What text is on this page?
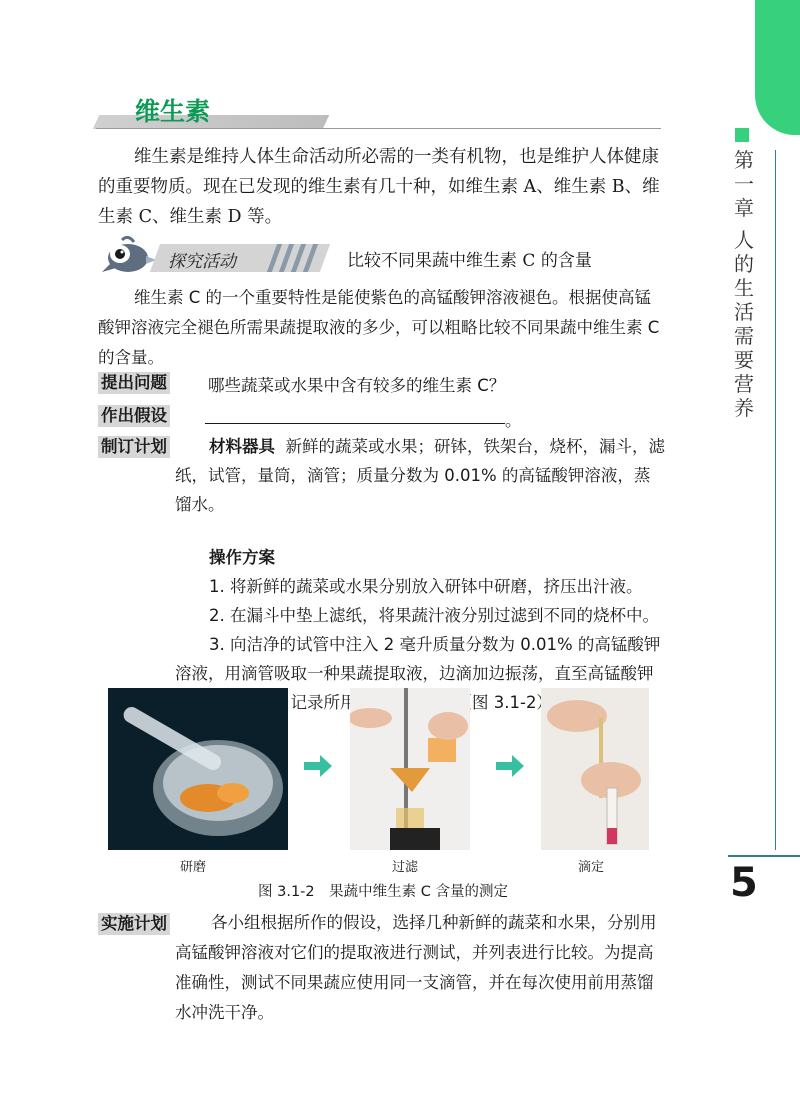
第一章
人的生活需要营养
5
维生素
维生素是维持人体生命活动所必需的一类有机物，也是维护人体健康的重要物质。现在已发现的维生素有几十种，如维生素 A、维生素 B、维生素 C、维生素 D 等。
探究活动	比较不同果蔬中维生素 C 的含量
维生素 C 的一个重要特性是能使紫色的高锰酸钾溶液褪色。根据使高锰酸钾溶液完全褪色所需果蔬提取液的多少，可以粗略比较不同果蔬中维生素 C 的含量。
提出问题 哪些蔬菜或水果中含有较多的维生素 C？
作出假设	。
制订计划	材料器具 新鲜的蔬菜或水果；研钵，铁架台，烧杯，漏斗，滤纸，试管，量筒，滴管；质量分数为 0.01% 的高锰酸钾溶液，蒸馏水。

操作方案

1. 将新鲜的蔬菜或水果分别放入研钵中研磨，挤压出汁液。

2. 在漏斗中垫上滤纸，将果蔬汁液分别过滤到不同的烧杯中。

3. 向洁净的试管中注入 2 毫升质量分数为 0.01% 的高锰酸钾溶液，用滴管吸取一种果蔬提取液，边滴加边振荡，直至高锰酸钾溶液完全褪色，记录所用提取液的滴数（图 3.1-2）。

研磨	过滤	滴定
图 3.1-2　果蔬中维生素 C 含量的测定
实施计划	各小组根据所作的假设，选择几种新鲜的蔬菜和水果，分别用高锰酸钾溶液对它们的提取液进行测试，并列表进行比较。为提高准确性，测试不同果蔬应使用同一支滴管，并在每次使用前用蒸馏水冲洗干净。
